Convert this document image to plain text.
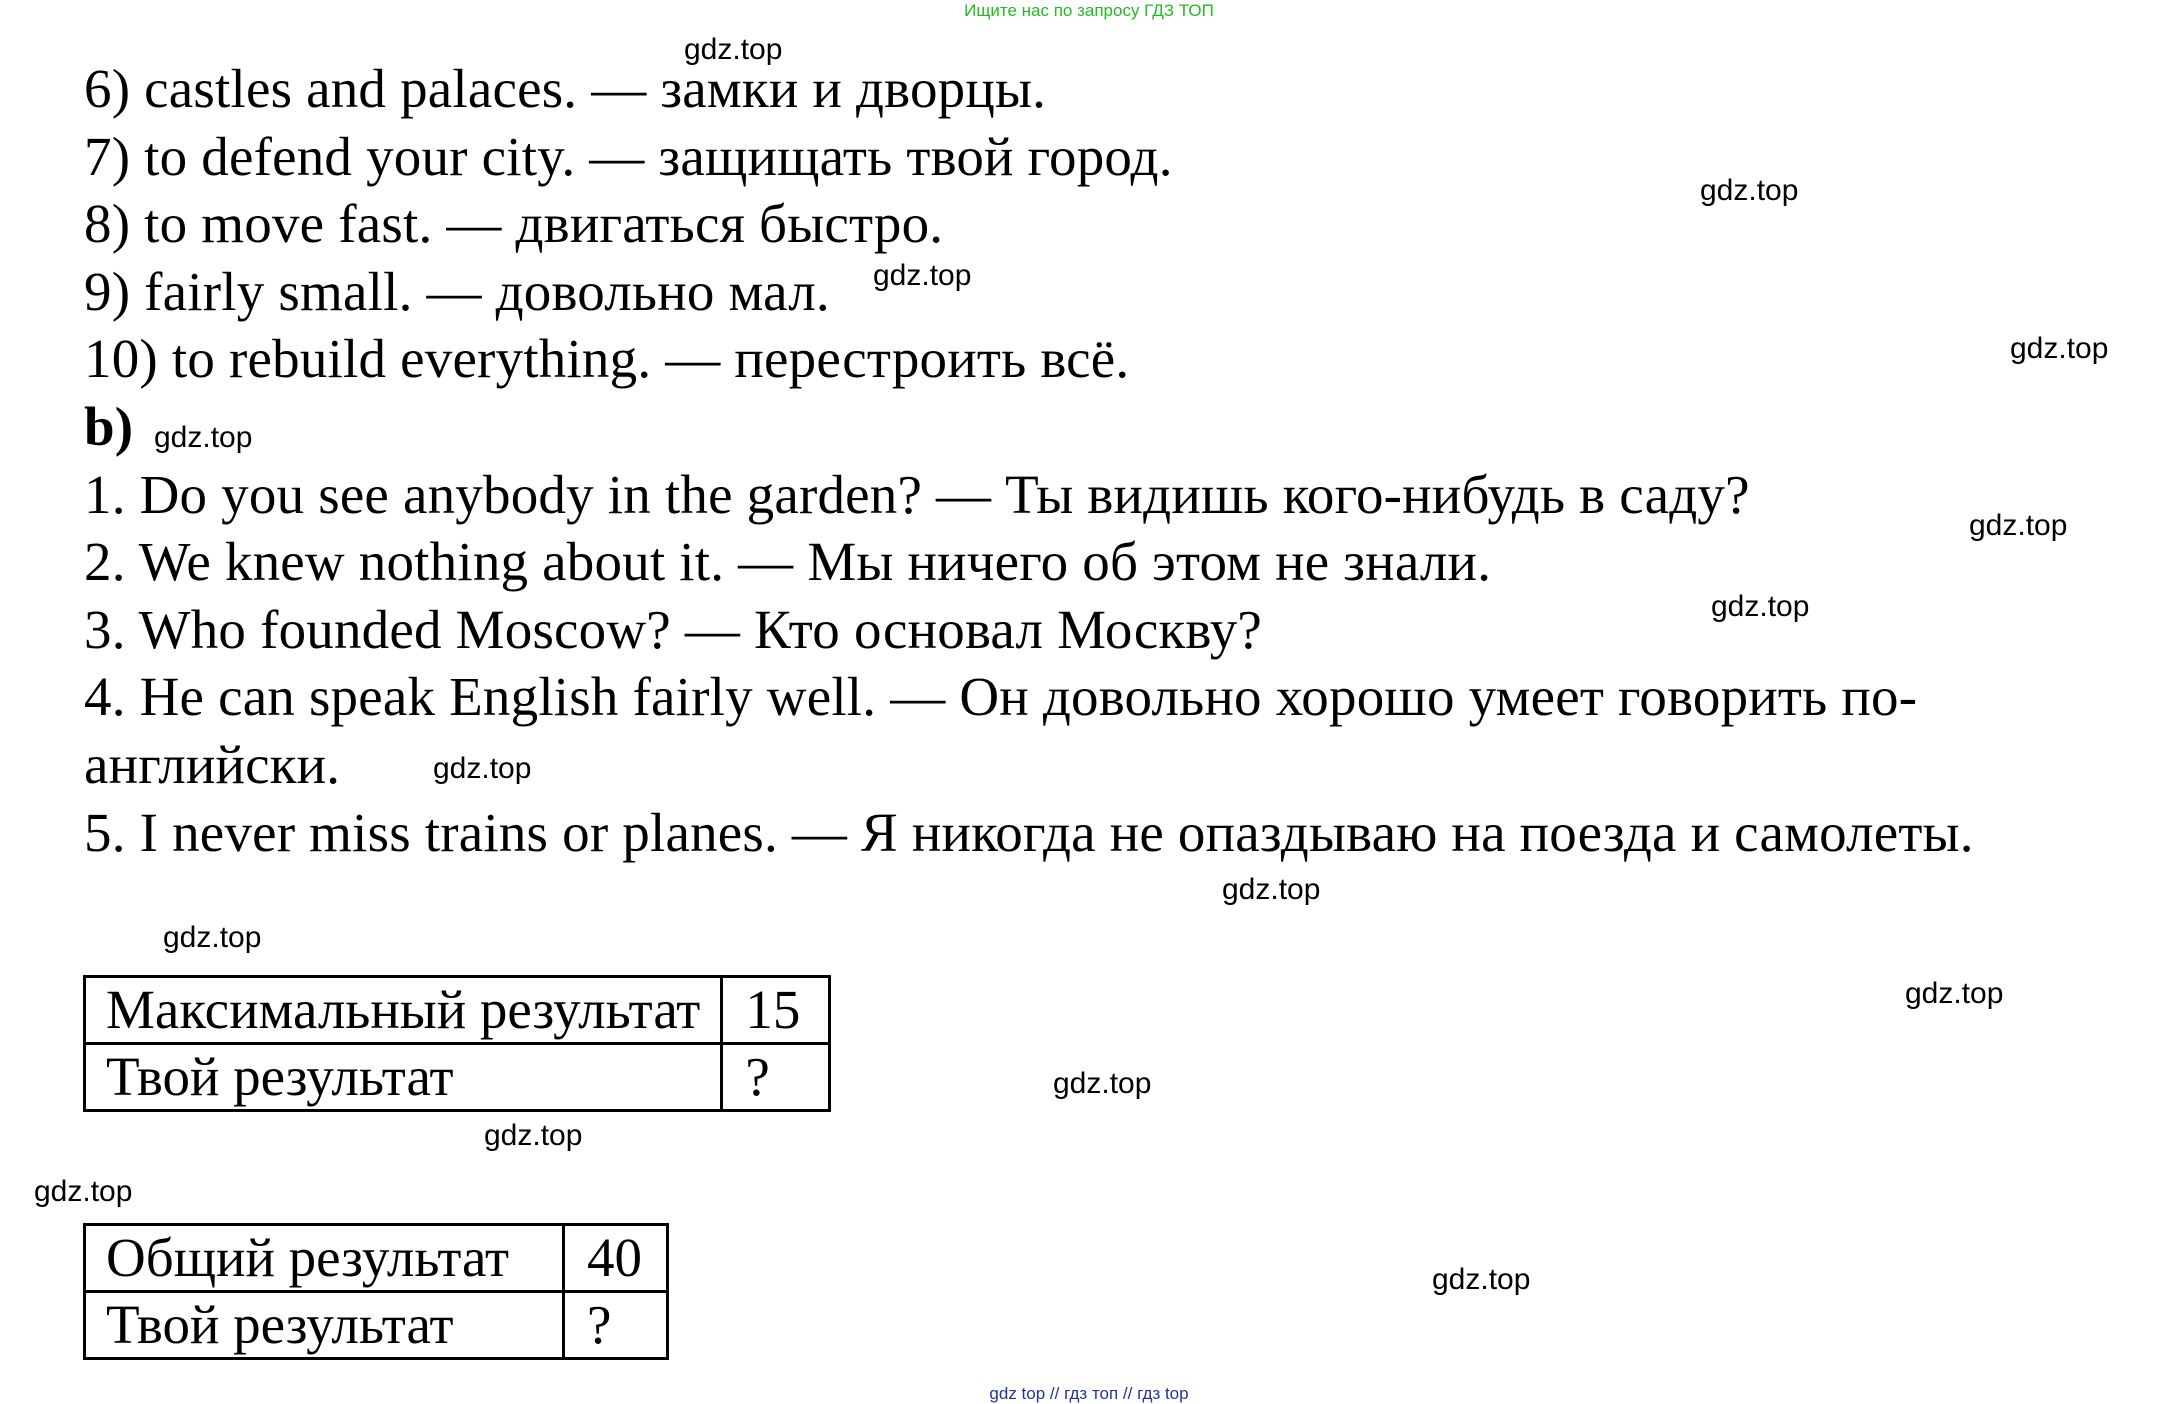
Ищите нас по запросу ГДЗ ТОП
6) castles and palaces. — замки и дворцы.
7) to defend your city. — защищать твой город.
8) to move fast. — двигаться быстро.
9) fairly small. — довольно мал.
10) to rebuild everything. — перестроить всё.
b)
1. Do you see anybody in the garden? — Ты видишь кого-нибудь в саду?
2. We knew nothing about it. — Мы ничего об этом не знали.
3. Who founded Moscow? — Кто основал Москву?
4. He can speak English fairly well. — Он довольно хорошо умеет говорить по-
английски.
5. I never miss trains or planes. — Я никогда не опаздываю на поезда и самолеты.
Максимальный результат	15
Твой результат	?
Общий результат	40
Твой результат	?
gdz.top
gdz.top
gdz.top
gdz.top
gdz.top
gdz.top
gdz.top
gdz.top
gdz.top
gdz.top
gdz.top
gdz.top
gdz.top
gdz.top
gdz.top
gdz top // гдз топ // гдз top
